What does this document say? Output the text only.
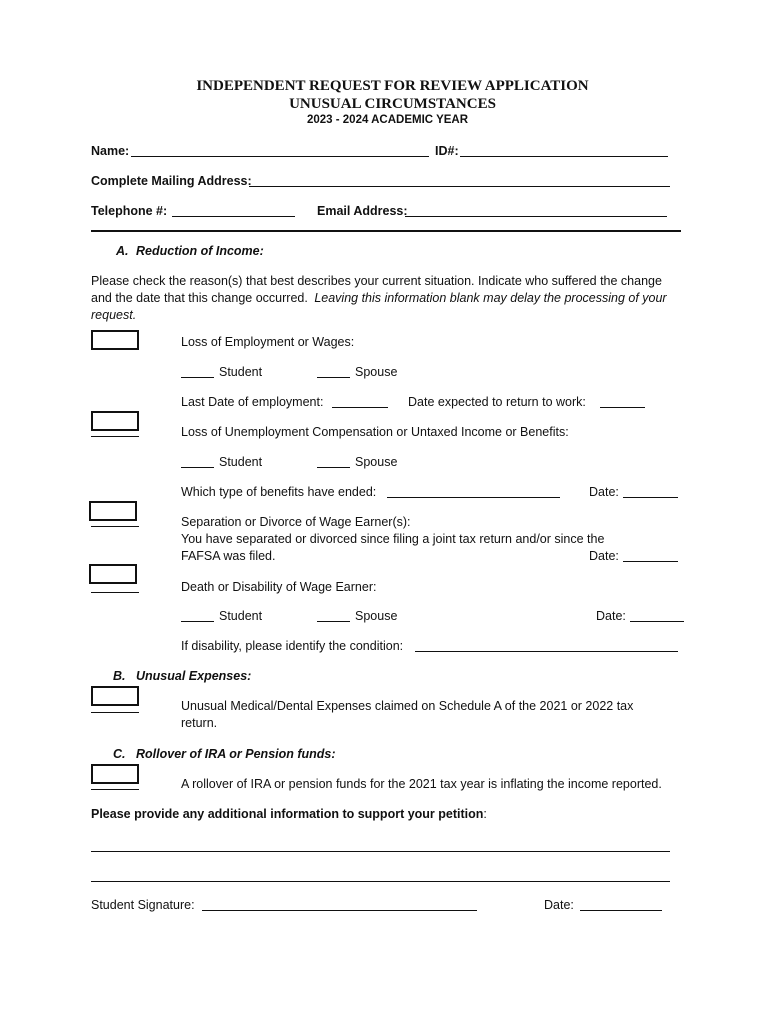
INDEPENDENT REQUEST FOR REVIEW APPLICATION
UNUSUAL CIRCUMSTANCES
2023 - 2024 ACADEMIC YEAR
Name:	ID#:
Complete Mailing Address:
Telephone #:	Email Address:
A. Reduction of Income:
Please check the reason(s) that best describes your current situation. Indicate who suffered the change
and the date that this change occurred. Leaving this information blank may delay the processing of your
request.
Loss of Employment or Wages:
Student	Spouse
Last Date of employment:	Date expected to return to work:
Loss of Unemployment Compensation or Untaxed Income or Benefits:
Student	Spouse
Which type of benefits have ended:	Date:
Separation or Divorce of Wage Earner(s):
You have separated or divorced since filing a joint tax return and/or since the
FAFSA was filed.	Date:
Death or Disability of Wage Earner:
Student	Spouse	Date:
If disability, please identify the condition:
B. Unusual Expenses:
Unusual Medical/Dental Expenses claimed on Schedule A of the 2021 or 2022 tax
return.
C. Rollover of IRA or Pension funds:
A rollover of IRA or pension funds for the 2021 tax year is inflating the income reported.
Please provide any additional information to support your petition:
Student Signature:	Date:
